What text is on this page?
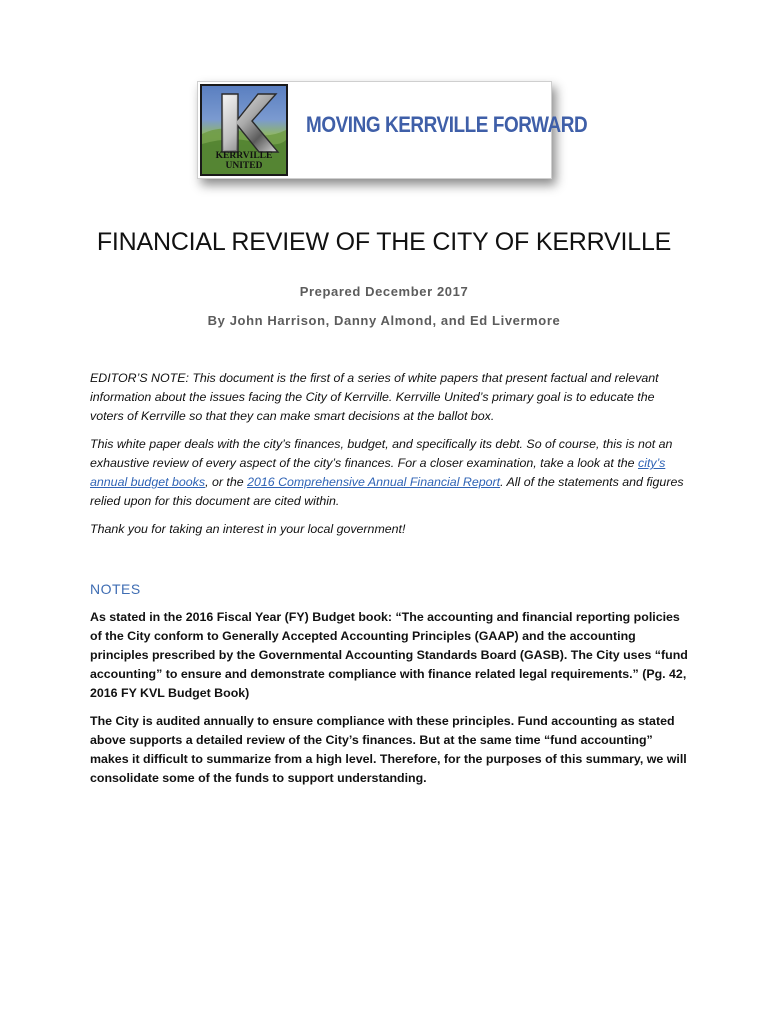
KERRVILLE
UNITED
MOVING KERRVILLE FORWARD
FINANCIAL REVIEW OF THE CITY OF KERRVILLE
Prepared December 2017
By John Harrison, Danny Almond, and Ed Livermore
EDITOR’S NOTE: This document is the first of a series of white papers that present factual and relevant information about the issues facing the City of Kerrville. Kerrville United’s primary goal is to educate the voters of Kerrville so that they can make smart decisions at the ballot box.
This white paper deals with the city’s finances, budget, and specifically its debt. So of course, this is not an exhaustive review of every aspect of the city’s finances. For a closer examination, take a look at the city’s annual budget books, or the 2016 Comprehensive Annual Financial Report. All of the statements and figures relied upon for this document are cited within.
Thank you for taking an interest in your local government!
NOTES
As stated in the 2016 Fiscal Year (FY) Budget book: “The accounting and financial reporting policies of the City conform to Generally Accepted Accounting Principles (GAAP) and the accounting principles prescribed by the Governmental Accounting Standards Board (GASB). The City uses “fund accounting” to ensure and demonstrate compliance with finance related legal requirements.” (Pg. 42, 2016 FY KVL Budget Book)
The City is audited annually to ensure compliance with these principles. Fund accounting as stated above supports a detailed review of the City’s finances. But at the same time “fund accounting” makes it difficult to summarize from a high level. Therefore, for the purposes of this summary, we will consolidate some of the funds to support understanding.
